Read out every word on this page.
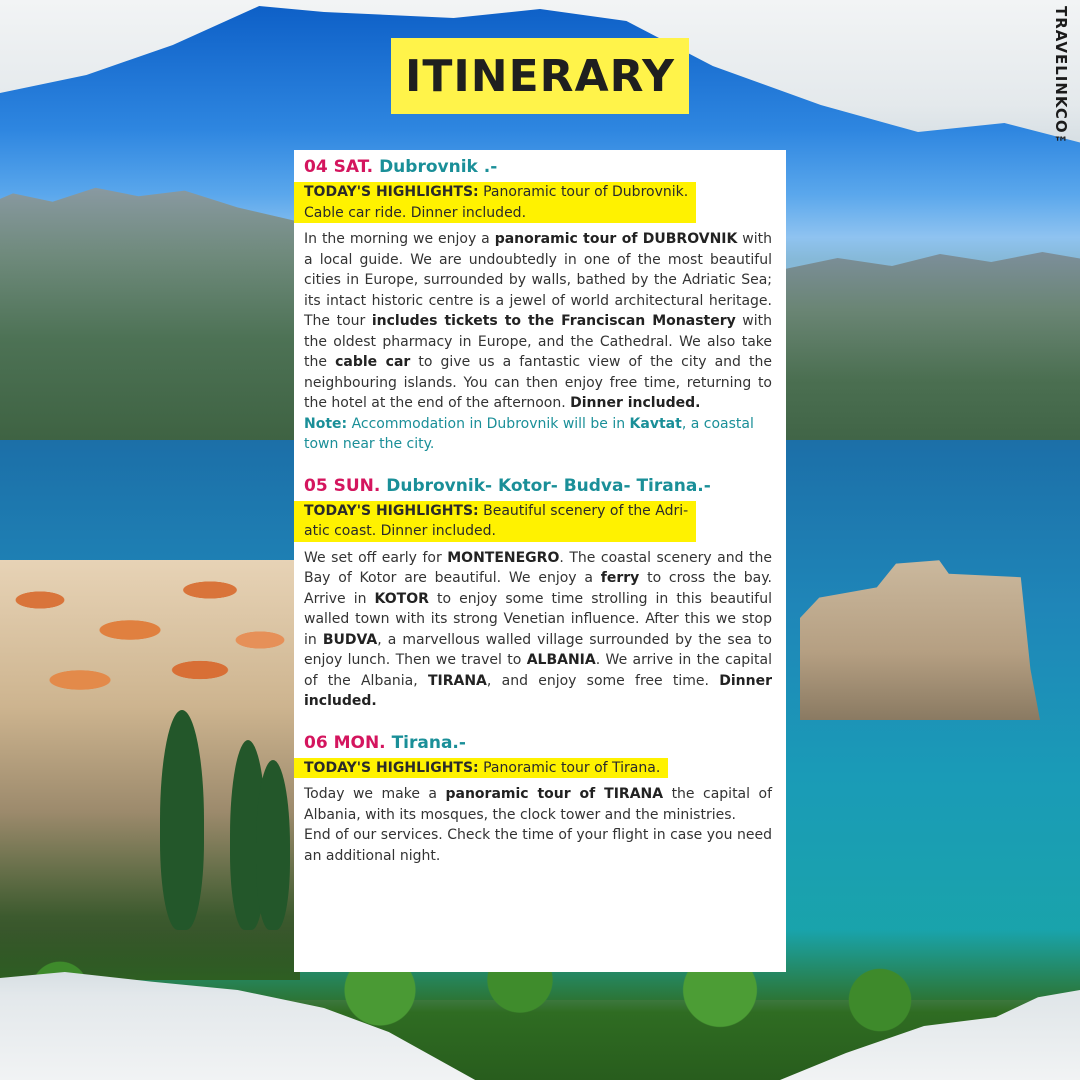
TRAVELINKCO™
ITINERARY

04 SAT. Dubrovnik .-

TODAY'S HIGHLIGHTS: Panoramic tour of Dubrovnik.
Cable car ride. Dinner included.

In the morning we enjoy a panoramic tour of DUBROVNIK with a local guide. We are undoubtedly in one of the most beautiful cities in Europe, surrounded by walls, bathed by the Adriatic Sea; its intact historic centre is a jewel of world architectural heritage. The tour includes tickets to the Franciscan Monastery with the oldest pharmacy in Europe, and the Cathedral. We also take the cable car to give us a fantastic view of the city and the neighbouring islands. You can then enjoy free time, returning to the hotel at the end of the afternoon. Dinner included.

Note: Accommodation in Dubrovnik will be in Kavtat, a coastal town near the city.

05 SUN. Dubrovnik- Kotor- Budva- Tirana.-

TODAY'S HIGHLIGHTS: Beautiful scenery of the Adri-
atic coast. Dinner included.

We set off early for MONTENEGRO. The coastal scenery and the Bay of Kotor are beautiful. We enjoy a ferry to cross the bay. Arrive in KOTOR to enjoy some time strolling in this beautiful walled town with its strong Venetian influence. After this we stop in BUDVA, a marvellous walled village surrounded by the sea to enjoy lunch. Then we travel to ALBANIA. We arrive in the capital of the Albania, TIRANA, and enjoy some free time. Dinner included.

06 MON. Tirana.-

TODAY'S HIGHLIGHTS: Panoramic tour of Tirana.

Today we make a panoramic tour of TIRANA the capital of Albania, with its mosques, the clock tower and the ministries.

End of our services. Check the time of your flight in case you need an additional night.
